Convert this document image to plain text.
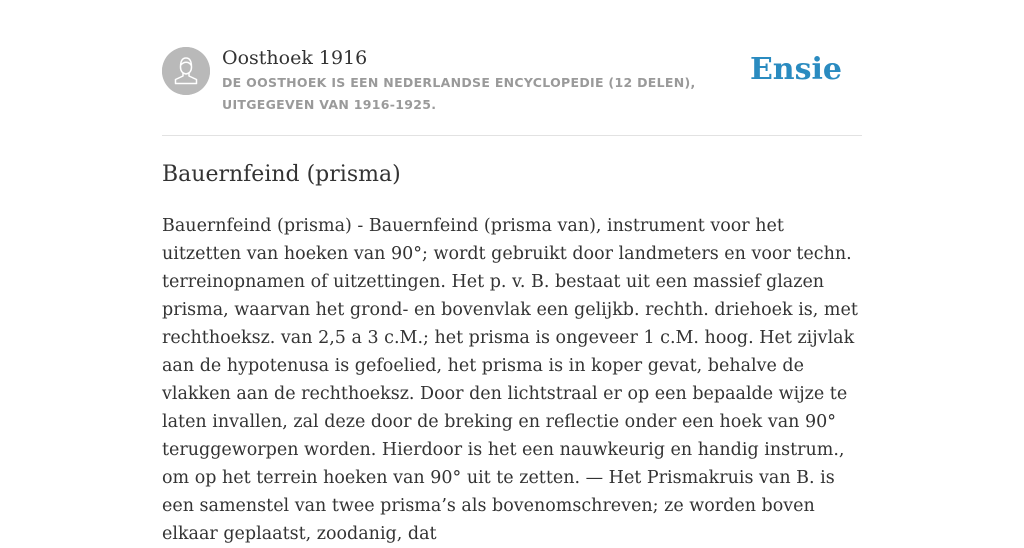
Oosthoek 1916
DE OOSTHOEK IS EEN NEDERLANDSE ENCYCLOPEDIE (12 DELEN), UITGEGEVEN VAN 1916-1925.
Ensie
Bauernfeind (prisma)

Bauernfeind (prisma) - Bauernfeind (prisma van), instrument voor het uitzetten van hoeken van 90°; wordt gebruikt door landmeters en voor techn. terreinopnamen of uitzettingen. Het p. v. B. bestaat uit een massief glazen prisma, waarvan het grond- en bovenvlak een gelijkb. rechth. driehoek is, met rechthoeksz. van 2,5 a 3 c.M.; het prisma is ongeveer 1 c.M. hoog. Het zijvlak aan de hypotenusa is gefoelied, het prisma is in koper gevat, behalve de vlakken aan de rechthoeksz. Door den lichtstraal er op een bepaalde wijze te laten invallen, zal deze door de breking en reflectie onder een hoek van 90° teruggeworpen worden. Hierdoor is het een nauwkeurig en handig instrum., om op het terrein hoeken van 90° uit te zetten. — Het Prismakruis van B. is een samenstel van twee prisma’s als bovenomschreven; ze worden boven elkaar geplaatst, zoodanig, dat
